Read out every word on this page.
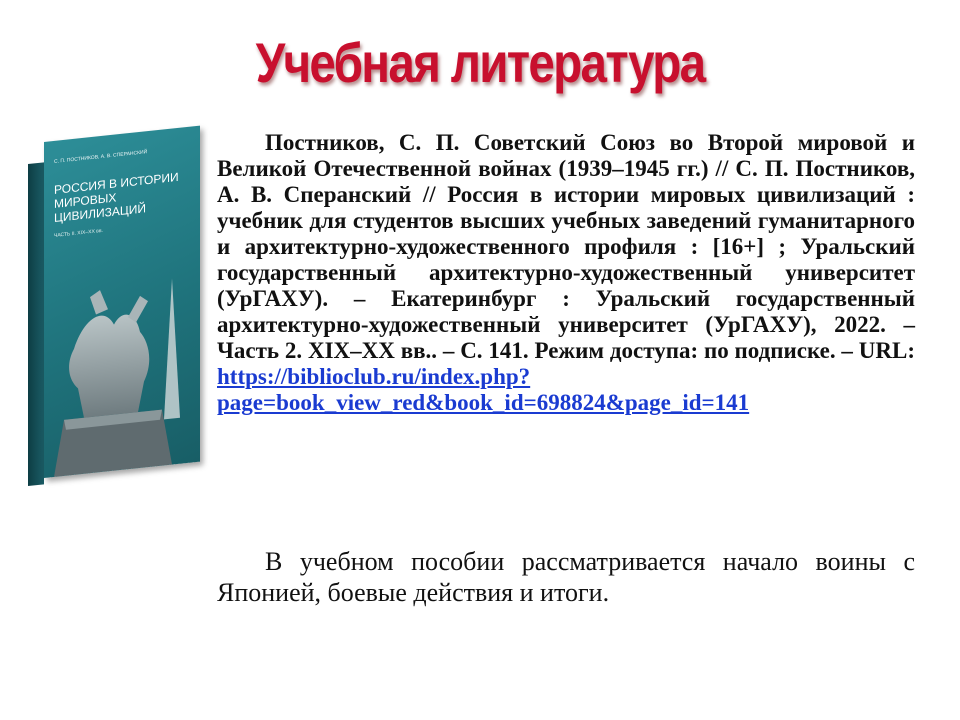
Учебная литература
С. П. ПОСТНИКОВ, А. В. СПЕРАНСКИЙ
РОССИЯ В ИСТОРИИ МИРОВЫХ ЦИВИЛИЗАЦИЙ
ЧАСТЬ II. XIX–XX вв.

Постников, С. П. Советский Союз во Второй мировой и Великой Отечественной войнах (1939–1945 гг.) // С. П. Постников, А. В. Сперанский // Россия в истории мировых цивилизаций : учебник для студентов высших учебных заведений гуманитарного и архитектурно-художественного профиля : [16+] ; Уральский государственный архитектурно-художественный университет (УрГАХУ). – Екатеринбург : Уральский государственный архитектурно-художественный университет (УрГАХУ), 2022. – Часть 2. XIX–XX вв.. – С. 141. Режим доступа: по подписке. – URL: https://biblioclub.ru/index.php?page=book_view_red&book_id=698824&page_id=141

В учебном пособии рассматривается начало воины с Японией, боевые действия и итоги.
